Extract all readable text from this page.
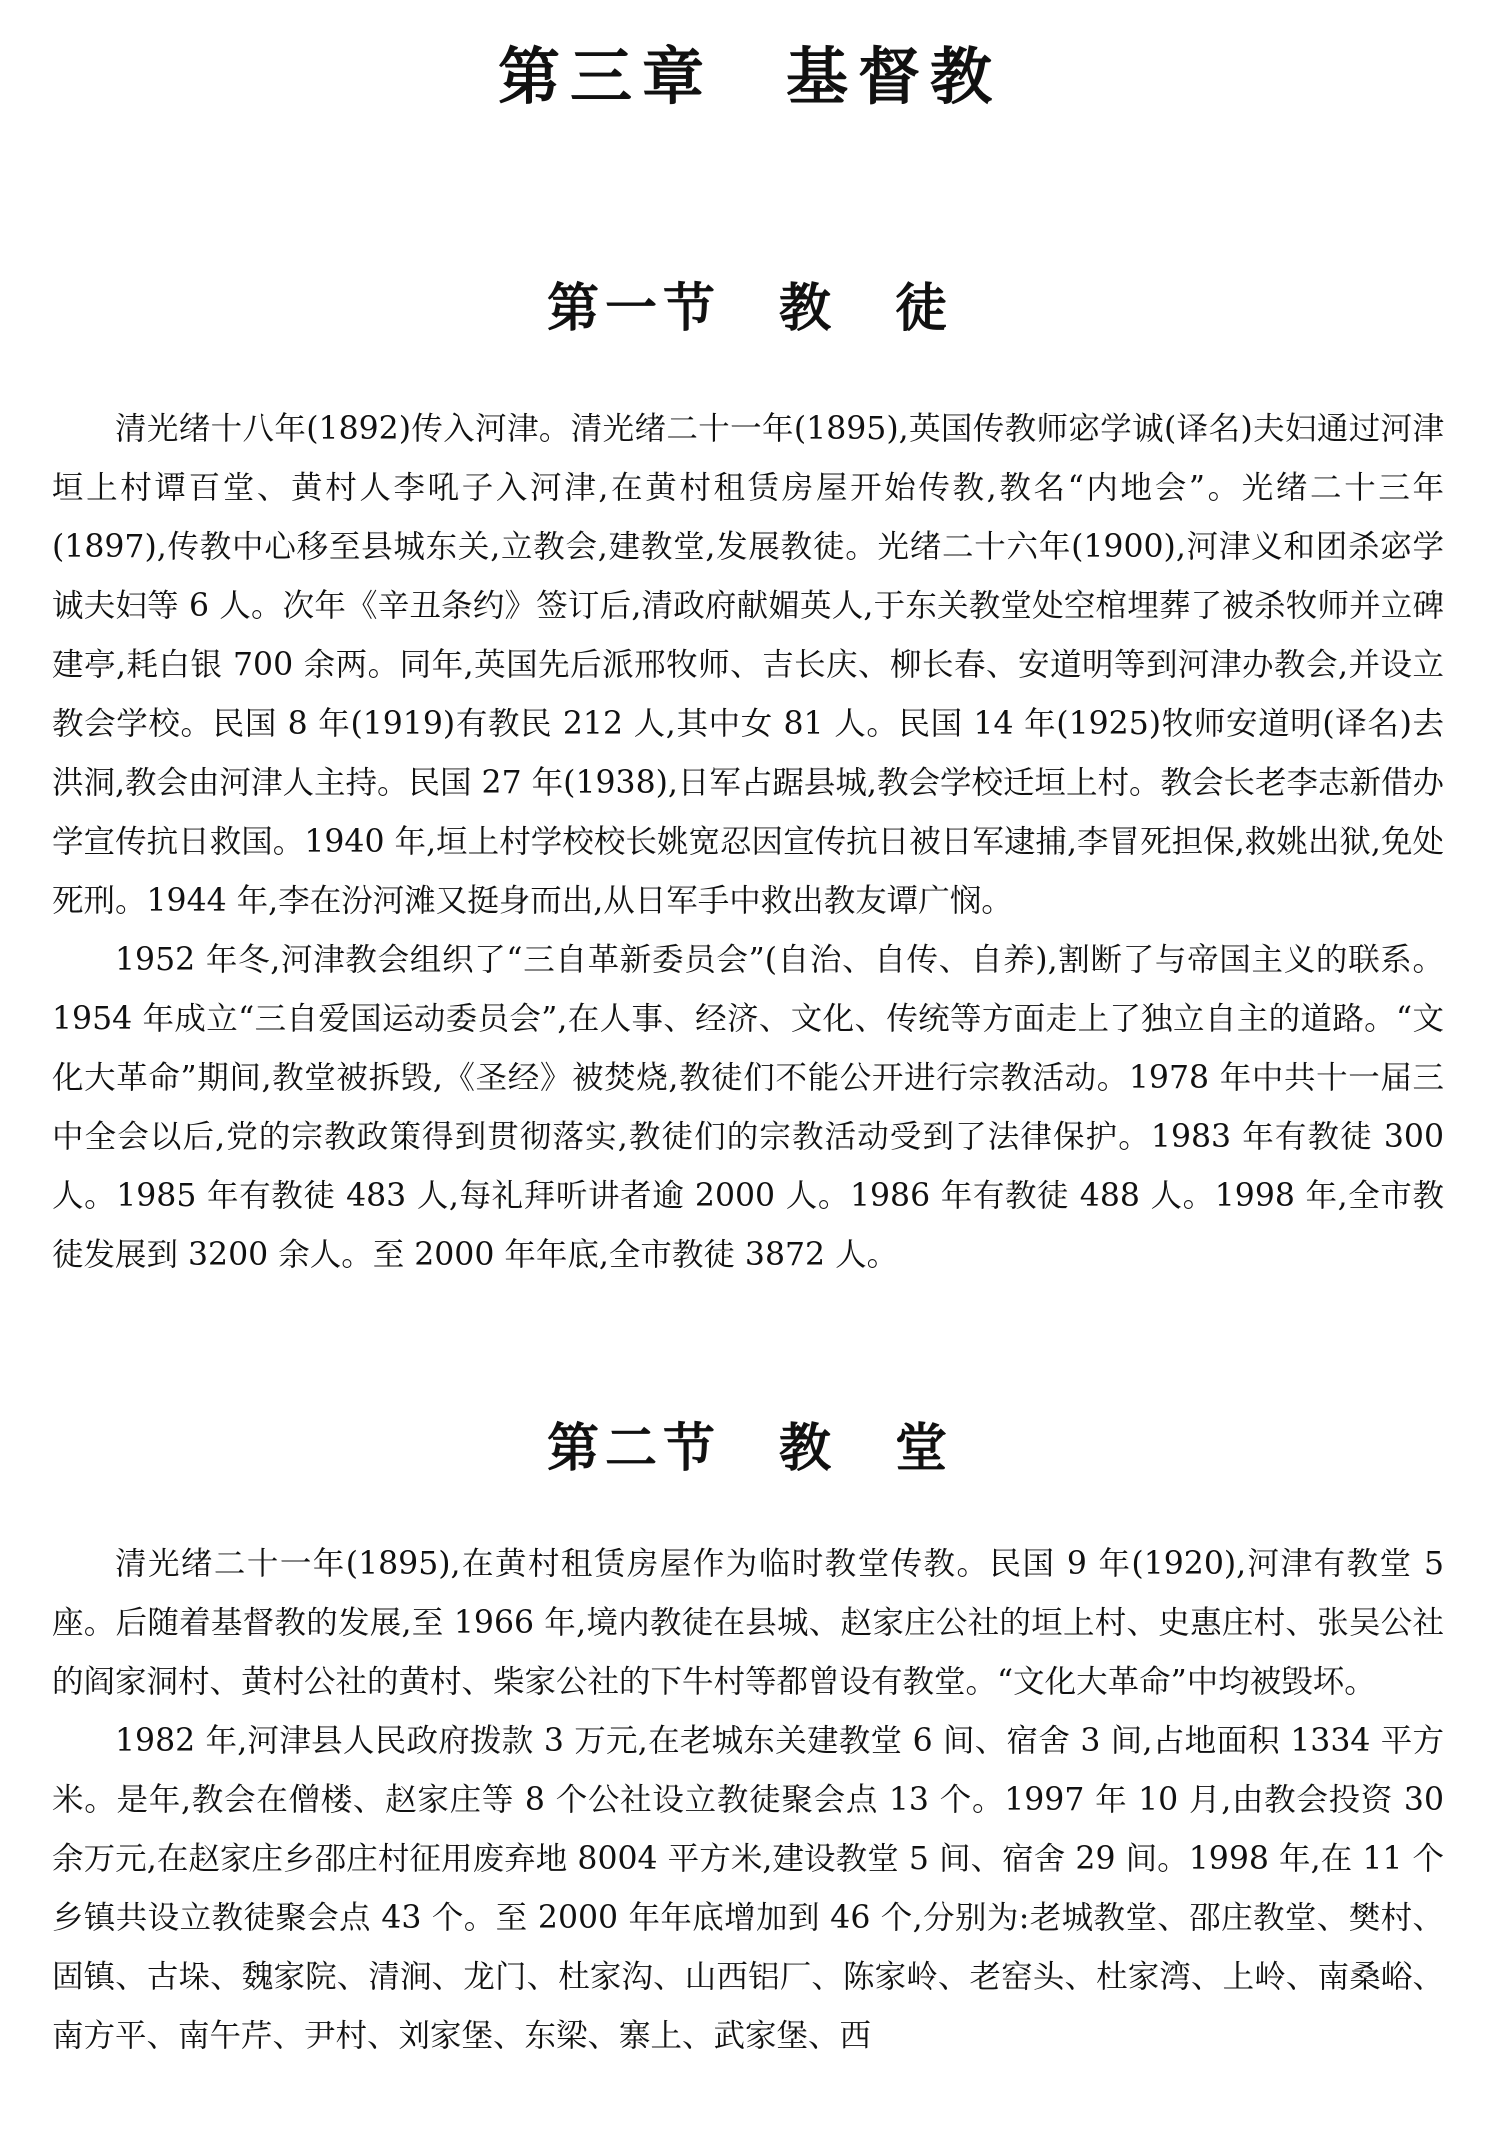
第三章　基督教
第一节　教　徒

清光绪十八年(1892)传入河津。清光绪二十一年(1895),英国传教师宓学诚(译名)夫妇通过河津垣上村谭百堂、黄村人李吼子入河津,在黄村租赁房屋开始传教,教名“内地会”。光绪二十三年(1897),传教中心移至县城东关,立教会,建教堂,发展教徒。光绪二十六年(1900),河津义和团杀宓学诚夫妇等 6 人。次年《辛丑条约》签订后,清政府献媚英人,于东关教堂处空棺埋葬了被杀牧师并立碑建亭,耗白银 700 余两。同年,英国先后派邢牧师、吉长庆、柳长春、安道明等到河津办教会,并设立教会学校。民国 8 年(1919)有教民 212 人,其中女 81 人。民国 14 年(1925)牧师安道明(译名)去洪洞,教会由河津人主持。民国 27 年(1938),日军占踞县城,教会学校迁垣上村。教会长老李志新借办学宣传抗日救国。1940 年,垣上村学校校长姚宽忍因宣传抗日被日军逮捕,李冒死担保,救姚出狱,免处死刑。1944 年,李在汾河滩又挺身而出,从日军手中救出教友谭广悯。

1952 年冬,河津教会组织了“三自革新委员会”(自治、自传、自养),割断了与帝国主义的联系。1954 年成立“三自爱国运动委员会”,在人事、经济、文化、传统等方面走上了独立自主的道路。“文化大革命”期间,教堂被拆毁,《圣经》被焚烧,教徒们不能公开进行宗教活动。1978 年中共十一届三中全会以后,党的宗教政策得到贯彻落实,教徒们的宗教活动受到了法律保护。1983 年有教徒 300 人。1985 年有教徒 483 人,每礼拜听讲者逾 2000 人。1986 年有教徒 488 人。1998 年,全市教徒发展到 3200 余人。至 2000 年年底,全市教徒 3872 人。

第二节　教　堂

清光绪二十一年(1895),在黄村租赁房屋作为临时教堂传教。民国 9 年(1920),河津有教堂 5 座。后随着基督教的发展,至 1966 年,境内教徒在县城、赵家庄公社的垣上村、史惠庄村、张吴公社的阎家洞村、黄村公社的黄村、柴家公社的下牛村等都曾设有教堂。“文化大革命”中均被毁坏。

1982 年,河津县人民政府拨款 3 万元,在老城东关建教堂 6 间、宿舍 3 间,占地面积 1334 平方米。是年,教会在僧楼、赵家庄等 8 个公社设立教徒聚会点 13 个。1997 年 10 月,由教会投资 30 余万元,在赵家庄乡邵庄村征用废弃地 8004 平方米,建设教堂 5 间、宿舍 29 间。1998 年,在 11 个乡镇共设立教徒聚会点 43 个。至 2000 年年底增加到 46 个,分别为:老城教堂、邵庄教堂、樊村、固镇、古垛、魏家院、清涧、龙门、杜家沟、山西铝厂、陈家岭、老窑头、杜家湾、上岭、南桑峪、南方平、南午芹、尹村、刘家堡、东梁、寨上、武家堡、西
